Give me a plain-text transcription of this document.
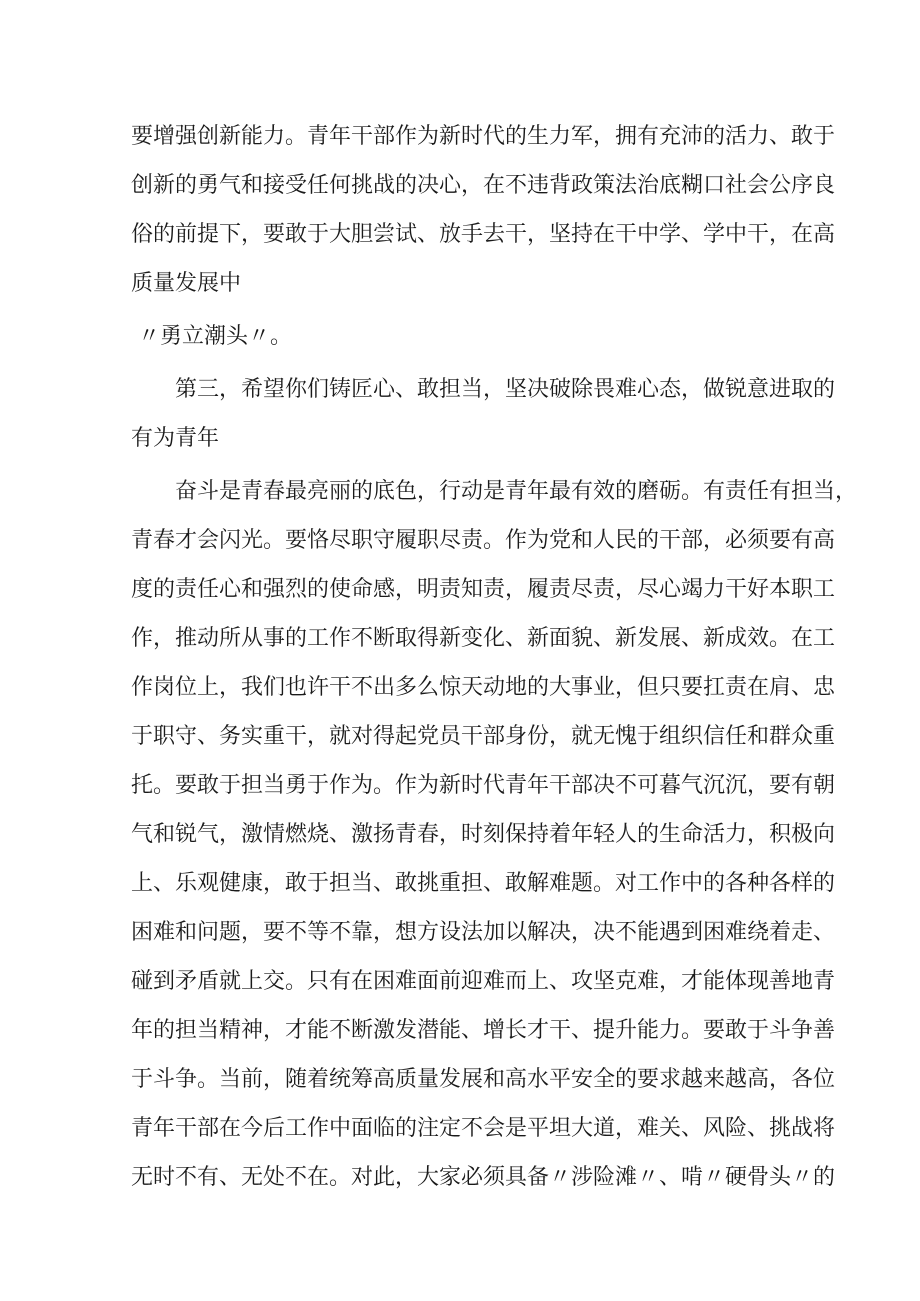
要增强创新能力。青年干部作为新时代的生力军，拥有充沛的活力、敢于
创新的勇气和接受任何挑战的决心，在不违背政策法治底糊口社会公序良
俗的前提下，要敢于大胆尝试、放手去干，坚持在干中学、学中干，在高
质量发展中
〃勇立潮头〃。
第三，希望你们铸匠心、敢担当，坚决破除畏难心态，做锐意进取的
有为青年
奋斗是青春最亮丽的底色，行动是青年最有效的磨砺。有责任有担当，
青春才会闪光。要恪尽职守履职尽责。作为党和人民的干部，必须要有高
度的责任心和强烈的使命感，明责知责，履责尽责，尽心竭力干好本职工
作，推动所从事的工作不断取得新变化、新面貌、新发展、新成效。在工
作岗位上，我们也许干不出多么惊天动地的大事业，但只要扛责在肩、忠
于职守、务实重干，就对得起党员干部身份，就无愧于组织信任和群众重
托。要敢于担当勇于作为。作为新时代青年干部决不可暮气沉沉，要有朝
气和锐气，激情燃烧、激扬青春，时刻保持着年轻人的生命活力，积极向
上、乐观健康，敢于担当、敢挑重担、敢解难题。对工作中的各种各样的
困难和问题，要不等不靠，想方设法加以解决，决不能遇到困难绕着走、
碰到矛盾就上交。只有在困难面前迎难而上、攻坚克难，才能体现善地青
年的担当精神，才能不断激发潜能、增长才干、提升能力。要敢于斗争善
于斗争。当前，随着统筹高质量发展和高水平安全的要求越来越高，各位
青年干部在今后工作中面临的注定不会是平坦大道，难关、风险、挑战将
无时不有、无处不在。对此，大家必须具备〃涉险滩〃、啃〃硬骨头〃的
